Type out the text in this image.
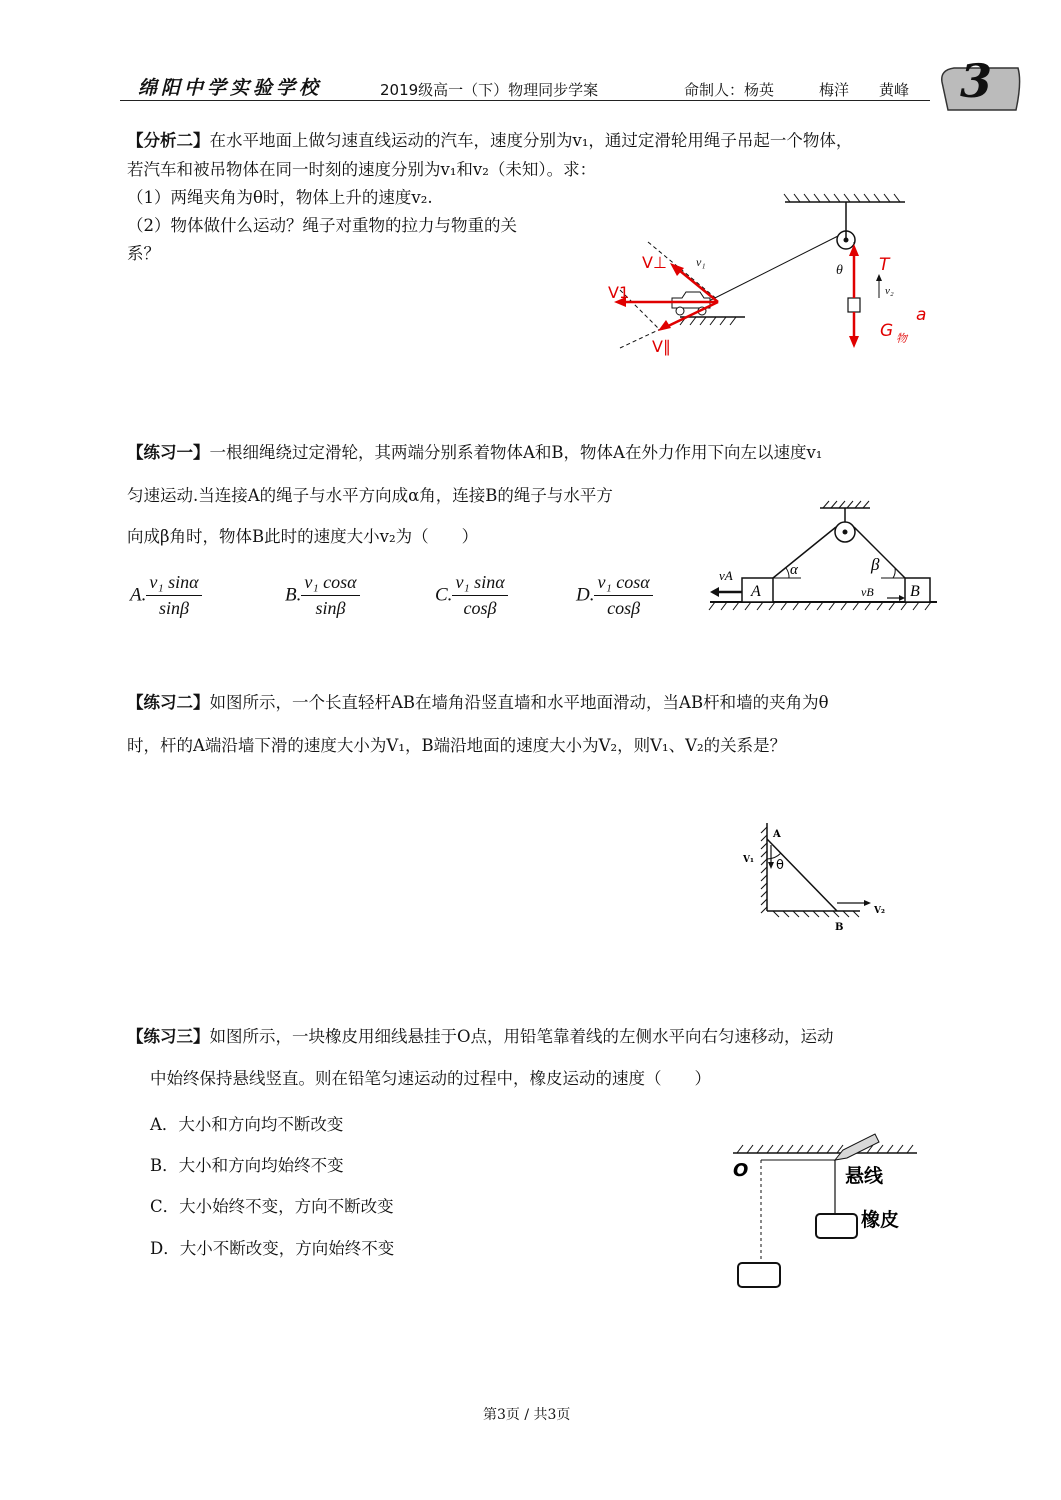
绵阳中学实验学校	2019级高一（下）物理同步学案	命制人：杨英　　　梅洋　　黄峰 3
【分析二】在水平地面上做匀速直线运动的汽车，速度分别为v₁，通过定滑轮用绳子吊起一个物体，
若汽车和被吊物体在同一时刻的速度分别为v₁和v₂（未知）。求：
（1）两绳夹角为θ时，物体上升的速度v₂.
（2）物体做什么运动？绳子对重物的拉力与物重的关
系？	V⊥ v₁
V1
V∥
θ T
v₂
a
G 物
【练习一】一根细绳绕过定滑轮，其两端分别系着物体A和B，物体A在外力作用下向左以速度v₁
匀速运动.当连接A的绳子与水平方向成α角，连接B的绳子与水平方
向成β角时，物体B此时的速度大小v₂为（　　）
A. $\frac{\text{v₁ sinα}}{\sin\beta}$	B. $\frac{\text{v₁ cosα}}{\sin\beta}$	C. $\frac{\text{v₁ sinα}}{\cos\beta}$	D. $\frac{\text{v₁ cosα}}{\cos\beta}$	vA
A
α	β
vB B
【练习二】如图所示，一个长直轻杆AB在墙角沿竖直墙和水平地面滑动，当AB杆和墙的夹角为θ
时，杆的A端沿墙下滑的速度大小为V₁，B端沿地面的速度大小为V₂，则V₁、V₂的关系是？
A
V₁ θ
V₂
B
【练习三】如图所示，一块橡皮用细线悬挂于O点，用铅笔靠着线的左侧水平向右匀速移动，运动
中始终保持悬线竖直。则在铅笔匀速运动的过程中，橡皮运动的速度（　　）
A．大小和方向均不断改变
B．大小和方向均始终不变
C．大小始终不变，方向不断改变
D．大小不断改变，方向始终不变
O	悬线
橡皮
第3页 / 共3页
